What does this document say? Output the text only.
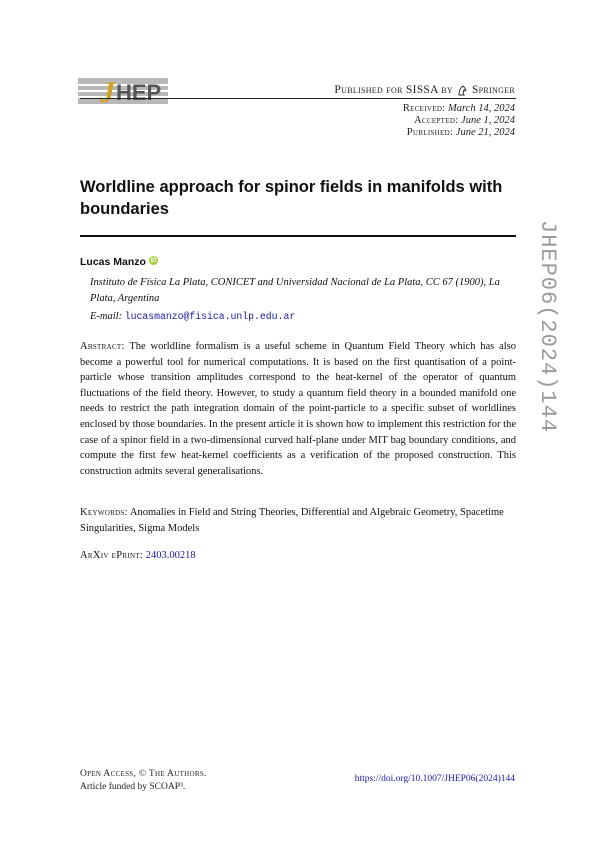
J HEP	Published for SISSA by Springer
Received: March 14, 2024
Accepted: June 1, 2024
Published: June 21, 2024
Worldline approach for spinor fields in manifolds with boundaries
Lucas Manzo iD
Instituto de Física La Plata, CONICET and Universidad Nacional de La Plata, CC 67 (1900), La Plata, Argentina
E-mail: lucasmanzo@fisica.unlp.edu.ar
Abstract: The worldline formalism is a useful scheme in Quantum Field Theory which has also become a powerful tool for numerical computations. It is based on the first quantisation of a point-particle whose transition amplitudes correspond to the heat-kernel of the operator of quantum fluctuations of the field theory. However, to study a quantum field theory in a bounded manifold one needs to restrict the path integration domain of the point-particle to a specific subset of worldlines enclosed by those boundaries. In the present article it is shown how to implement this restriction for the case of a spinor field in a two-dimensional curved half-plane under MIT bag boundary conditions, and compute the first few heat-kernel coefficients as a verification of the proposed construction. This construction admits several generalisations.
Keywords: Anomalies in Field and String Theories, Differential and Algebraic Geometry, Spacetime Singularities, Sigma Models
ArXiv ePrint: 2403.00218
JHEP06(2024)144
Open Access, © The Authors.
Article funded by SCOAP³.
https://doi.org/10.1007/JHEP06(2024)144
